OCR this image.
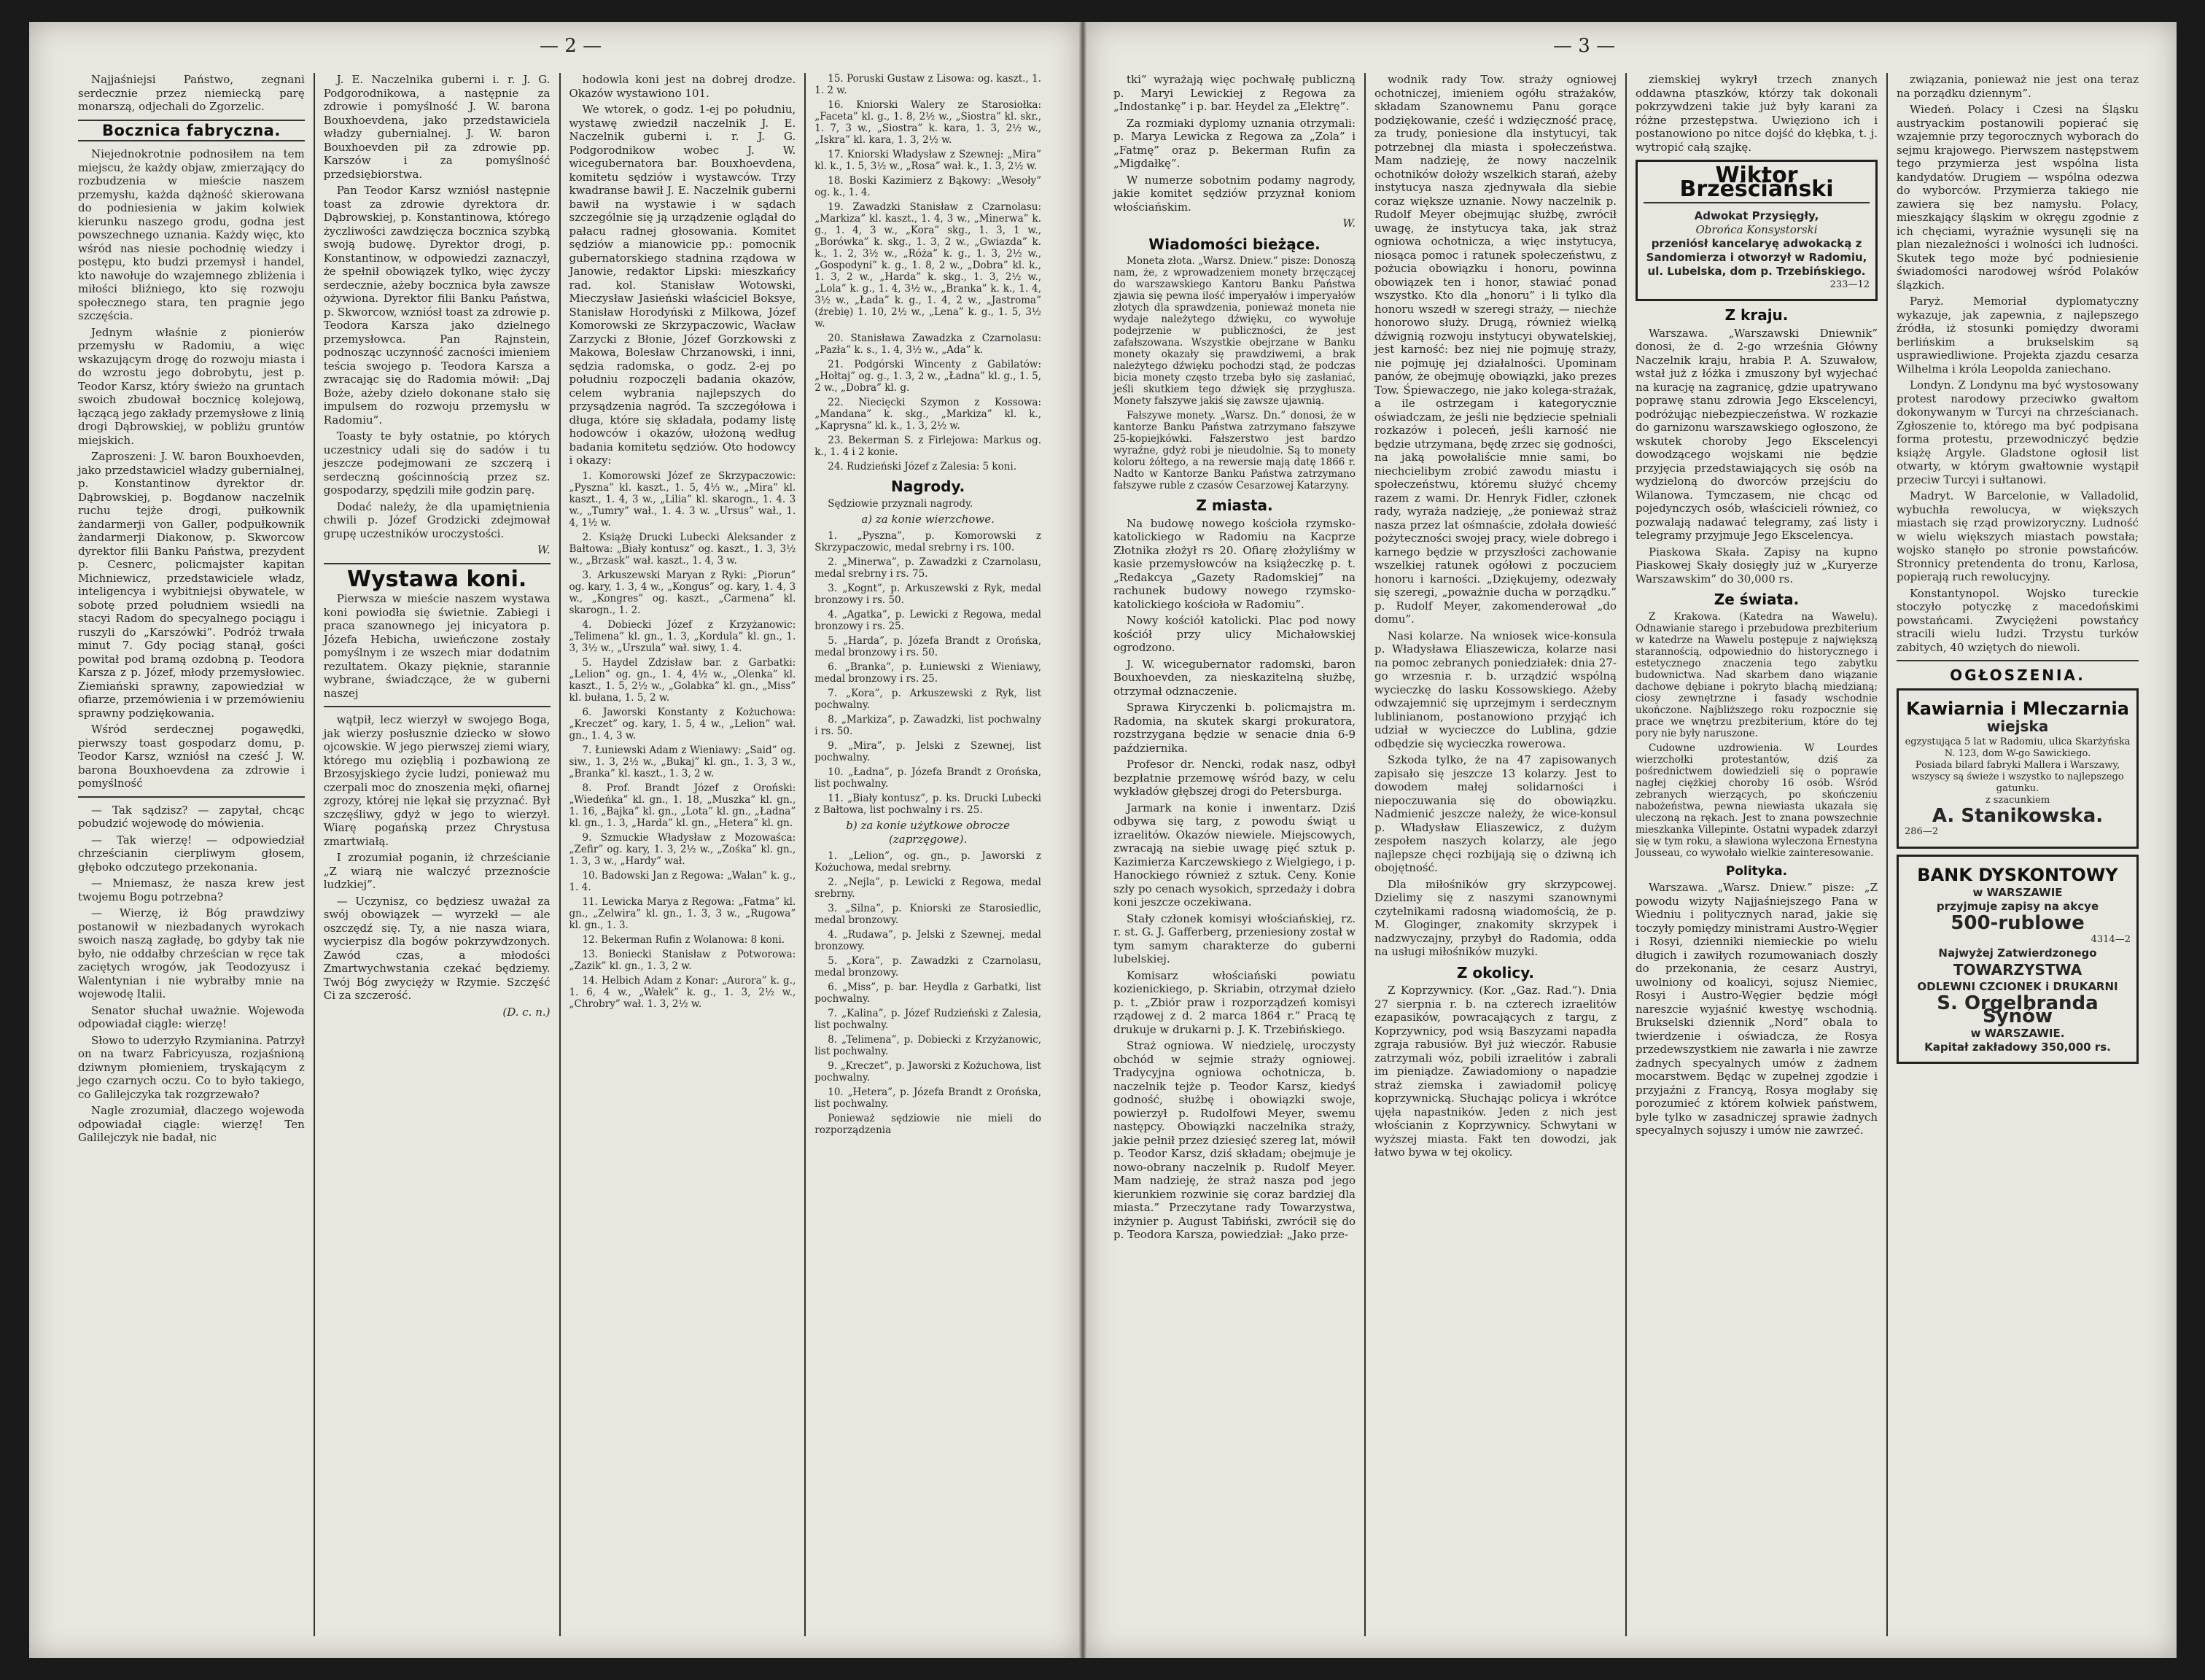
— 2 —

Najjaśniejsi Państwo, zegnani serdecznie przez niemiecką parę monarszą, odjechali do Zgorzelic.

Bocznica fabryczna.

Niejednokrotnie podnosiłem na tem miejscu, że każdy objaw, zmierzający do rozbudzenia w mieście naszem przemysłu, każda dążność skierowana do podniesienia w jakim kolwiek kierunku naszego grodu, godna jest powszechnego uznania. Każdy więc, kto wśród nas niesie pochodnię wiedzy i postępu, kto budzi przemysł i handel, kto nawołuje do wzajemnego zbliżenia i miłości bliźniego, kto się rozwoju społecznego stara, ten pragnie jego szczęścia.

Jednym właśnie z pionierów przemysłu w Radomiu, a więc wskazującym drogę do rozwoju miasta i do wzrostu jego dobrobytu, jest p. Teodor Karsz, który świeżo na gruntach swoich zbudował bocznicę kolejową, łączącą jego zakłady przemysłowe z linią drogi Dąbrowskiej, w pobliżu gruntów miejskich.

Zaproszeni: J. W. baron Bouxhoevden, jako przedstawiciel władzy gubernialnej, p. Konstantinow dyrektor dr. Dąbrowskiej, p. Bogdanow naczelnik ruchu tejże drogi, pułkownik żandarmerji von Galler, podpułkownik żandarmerji Diakonow, p. Skworcow dyrektor filii Banku Państwa, prezydent p. Cesnerc, policmajster kapitan Michniewicz, przedstawiciele władz, inteligencya i wybitniejsi obywatele, w sobotę przed południem wsiedli na stacyi Radom do specyalnego pociągu i ruszyli do „Karszówki”. Podróż trwała minut 7. Gdy pociąg stanął, gości powitał pod bramą ozdobną p. Teodora Karsza z p. Józef, młody przemysłowiec. Ziemiański sprawny, zapowiedział w ofiarze, przemówienia i w przemówieniu sprawny podziękowania.

Wśród serdecznej pogawędki, pierwszy toast gospodarz domu, p. Teodor Karsz, wzniósł na cześć J. W. barona Bouxhoevdena za zdrowie i pomyślność

— Tak sądzisz? — zapytał, chcąc pobudzić wojewodę do mówienia.

— Tak wierzę! — odpowiedział chrześcianin cierpliwym głosem, głęboko odczutego przekonania.

— Mniemasz, że nasza krew jest twojemu Bogu potrzebna?

— Wierzę, iż Bóg prawdziwy postanowił w niezbadanych wyrokach swoich naszą zagładę, bo gdyby tak nie było, nie oddałby chrześcian w ręce tak zaciętych wrogów, jak Teodozyusz i Walentynian i nie wybrałby mnie na wojewodę Italii.

Senator słuchał uważnie. Wojewoda odpowiadał ciągle: wierzę!

Słowo to uderzyło Rzymianina. Patrzył on na twarz Fabricyusza, rozjaśnioną dziwnym płomieniem, tryskającym z jego czarnych oczu. Co to było takiego, co Galilejczyka tak rozgrzewało?

Nagle zrozumiał, dlaczego wojewoda odpowiadał ciągle: wierzę! Ten Galilejczyk nie badał, nic

J. E. Naczelnika guberni i. r. J. G. Podgorodnikowa, a następnie za zdrowie i pomyślność J. W. barona Bouxhoevdena, jako przedstawiciela władzy gubernialnej. J. W. baron Bouxhoevden pił za zdrowie pp. Karszów i za pomyślność przedsiębiorstwa.

Pan Teodor Karsz wzniósł następnie toast za zdrowie dyrektora dr. Dąbrowskiej, p. Konstantinowa, którego życzliwości zawdzięcza bocznica szybką swoją budowę. Dyrektor drogi, p. Konstantinow, w odpowiedzi zaznaczył, że spełnił obowiązek tylko, więc życzy serdecznie, ażeby bocznica była zawsze ożywiona. Dyrektor filii Banku Państwa, p. Skworcow, wzniósł toast za zdrowie p. Teodora Karsza jako dzielnego przemysłowca. Pan Rajnstein, podnosząc uczynność zacności imieniem teścia swojego p. Teodora Karsza a zwracając się do Radomia mówił: „Daj Boże, ażeby dzieło dokonane stało się impulsem do rozwoju przemysłu w Radomiu”.

Toasty te były ostatnie, po których uczestnicy udali się do sadów i tu jeszcze podejmowani ze szczerą i serdeczną gościnnością przez sz. gospodarzy, spędzili miłe godzin parę.

Dodać należy, że dla upamiętnienia chwili p. Józef Grodzicki zdejmował grupę uczestników uroczystości.

W.
Wystawa koni.

Pierwsza w mieście naszem wystawa koni powiodła się świetnie. Zabiegi i praca szanownego jej inicyatora p. Józefa Hebicha, uwieńczone zostały pomyślnym i ze wszech miar dodatnim rezultatem. Okazy pięknie, starannie wybrane, świadczące, że w guberni naszej

wątpił, lecz wierzył w swojego Boga, jak wierzy posłusznie dziecko w słowo ojcowskie. W jego pierwszej ziemi wiary, którego mu ozięblią i pozbawioną ze Brzosyjskiego życie ludzi, ponieważ mu czerpali moc do znoszenia męki, ofiarnej zgrozy, której nie lękał się przyznać. Był szczęśliwy, gdyż w jego to wierzył. Wiarę pogańską przez Chrystusa zmartwiałą.

I zrozumiał poganin, iż chrześcianie „Z wiarą nie walczyć przeznoście ludzkiej”.

— Uczynisz, co będziesz uważał za swój obowiązek — wyrzekł — ale oszczędź się. Ty, a nie nasza wiara, wycierpisz dla bogów pokrzywdzonych. Zawód czas, a młodości Zmartwychwstania czekać będziemy. Twój Bóg zwycięży w Rzymie. Szczęść Ci za szczerość.

(D. c. n.)

hodowla koni jest na dobrej drodze. Okazów wystawiono 101.

We wtorek, o godz. 1-ej po południu, wystawę zwiedził naczelnik J. E. Naczelnik guberni i. r. J. G. Podgorodnikow wobec J. W. wicegubernatora bar. Bouxhoevdena, komitetu sędziów i wystawców. Trzy kwadranse bawił J. E. Naczelnik guberni bawił na wystawie i w sądach szczególnie się ją urządzenie oglądał do pałacu radnej głosowania. Komitet sędziów a mianowicie pp.: pomocnik gubernatorskiego stadnina rządowa w Janowie, redaktor Lipski: mieszkańcy rad. kol. Stanisław Wotowski, Mieczysław Jasieński właściciel Boksye, Stanisław Horodyński z Milkowa, Józef Komorowski ze Skrzypaczowic, Wacław Zarzycki z Błonie, Józef Gorzkowski z Makowa, Bolesław Chrzanowski, i inni, sędzia radomska, o godz. 2-ej po południu rozpoczęli badania okazów, celem wybrania najlepszych do przysądzenia nagród. Ta szczegółowa i długa, które się składała, podamy listę hodowców i okazów, ułożoną według badania komitetu sędziów. Oto hodowcy i okazy:

1. Komorowski Józef ze Skrzypaczowic: „Pyszna” kl. kaszt., 1. 5, 4⅓ w., „Mira” kl. kaszt., 1. 4, 3 w., „Lilia” kl. skarogn., 1. 4. 3 w., „Tumry” wał., 1. 4. 3 w. „Ursus” wał., 1. 4, 1½ w.

2. Książę Drucki Lubecki Aleksander z Bałtowa: „Biały kontusz” og. kaszt., 1. 3, 3½ w., „Brzask” wał. kaszt., 1. 4, 3 w.

3. Arkuszewski Maryan z Ryki: „Piorun” og. kary, 1. 3, 4 w., „Kongus” og. kary, 1. 4, 3 w., „Kongres” og. kaszt., „Carmena” kl. skarogn., 1. 2.

4. Dobiecki Józef z Krzyżanowic: „Telimena” kl. gn., 1. 3, „Kordula” kl. gn., 1. 3, 3½ w., „Urszula” wał. siwy, 1. 4.

5. Haydel Zdzisław bar. z Garbatki: „Lelion” og. gn., 1. 4, 4½ w., „Olenka” kl. kaszt., 1. 5, 2½ w., „Golabka” kl. gn., „Miss” kl. bułana, 1. 5, 2 w.

6. Jaworski Konstanty z Kożuchowa: „Kreczet” og. kary, 1. 5, 4 w., „Lelion” wał. gn., 1. 4, 3 w.

7. Łuniewski Adam z Wieniawy: „Said” og. siw., 1. 3, 2½ w., „Bukaj” kl. gn., 1. 3, 3 w., „Branka” kl. kaszt., 1. 3, 2 w.

8. Prof. Brandt Józef z Oroński: „Wiedeńka” kl. gn., 1. 18, „Muszka” kl. gn., 1. 16, „Bajka” kl. gn., „Lota” kl. gn., „Ładna” kl. gn., 1. 3, „Harda” kl. gn., „Hetera” kl. gn.

9. Szmuckie Władysław z Mozowaśca: „Zefir” og. kary, 1. 3, 2½ w., „Zośka” kl. gn., 1. 3, 3 w., „Hardy” wał.

10. Badowski Jan z Regowa: „Walan” k. g., 1. 4.

11. Lewicka Marya z Regowa: „Fatma” kl. gn., „Zelwira” kl. gn., 1. 3, 3 w., „Rugowa” kl. gn., 1. 3.

12. Bekerman Rufin z Wolanowa: 8 koni.

13. Boniecki Stanisław z Potworowa: „Zazik” kl. gn., 1. 3, 2 w.

14. Helbich Adam z Konar: „Aurora” k. g., 1. 6, 4 w., „Wałek” k. g., 1. 3, 2½ w., „Chrobry” wał. 1. 3, 2½ w.

15. Poruski Gustaw z Lisowa: og. kaszt., 1. 1. 2 w.

16. Kniorski Walery ze Starosiołka: „Faceta” kl. g., 1. 8, 2½ w., „Siostra” kl. skr., 1. 7, 3 w., „Siostra” k. kara, 1. 3, 2½ w., „Iskra” kl. kara, 1. 3, 2½ w.

17. Kniorski Władysław z Szewnej: „Mira” kl. k., 1. 5, 3½ w., „Rosa” wał. k., 1. 3, 2½ w.

18. Boski Kazimierz z Bąkowy: „Wesoły” og. k., 1. 4.

19. Zawadzki Stanisław z Czarnolasu: „Markiza” kl. kaszt., 1. 4, 3 w., „Minerwa” k. g., 1. 4, 3 w., „Kora” skg., 1. 3, 1 w., „Borówka” k. skg., 1. 3, 2 w., „Gwiazda” k. k., 1. 2, 3½ w., „Róża” k. g., 1. 3, 2½ w., „Gospodyni” k. g., 1. 8, 2 w., „Dobra” kl. k., 1. 3, 2 w., „Harda” k. skg., 1. 3, 2½ w., „Lola” k. g., 1. 4, 3½ w., „Branka” k. k., 1. 4, 3½ w., „Łada” k. g., 1. 4, 2 w., „Jastroma” (źrebię) 1. 10, 2½ w., „Lena” k. g., 1. 5, 3½ w.

20. Stanisława Zawadzka z Czarnolasu: „Pazła” k. s., 1. 4, 3½ w., „Ada” k.

21. Podgórski Wincenty z Gabilatów: „Hołtaj” og. g., 1. 3, 2 w., „Ładna” kl. g., 1. 5, 2 w., „Dobra” kl. g.

22. Niecięcki Szymon z Kossowa: „Mandana” k. skg., „Markiza” kl. k., „Kaprysna” kl. k., 1. 3, 2½ w.

23. Bekerman S. z Firlejowa: Markus og. k., 1. 4 i 2 konie.

24. Rudzieński Józef z Zalesia: 5 koni.

Nagrody.

Sędziowie przyznali nagrody.

a) za konie wierzchowe.

1. „Pyszna”, p. Komorowski z Skrzypaczowic, medal srebrny i rs. 100.

2. „Minerwa”, p. Zawadzki z Czarnolasu, medal srebrny i rs. 75.

3. „Kognt”, p. Arkuszewski z Ryk, medal bronzowy i rs. 50.

4. „Agatka”, p. Lewicki z Regowa, medal bronzowy i rs. 25.

5. „Harda”, p. Józefa Brandt z Orońska, medal bronzowy i rs. 50.

6. „Branka”, p. Łuniewski z Wieniawy, medal bronzowy i rs. 25.

7. „Kora”, p. Arkuszewski z Ryk, list pochwalny.

8. „Markiza”, p. Zawadzki, list pochwalny i rs. 50.

9. „Mira”, p. Jelski z Szewnej, list pochwalny.

10. „Ładna”, p. Józefa Brandt z Orońska, list pochwalny.

11. „Biały kontusz”, p. ks. Drucki Lubecki z Bałtowa, list pochwalny i rs. 25.

b) za konie użytkowe obrocze (zaprzęgowe).

1. „Lelion”, og. gn., p. Jaworski z Kożuchowa, medal srebrny.

2. „Nejla”, p. Lewicki z Regowa, medal srebrny.

3. „Silna”, p. Kniorski ze Starosiedlic, medal bronzowy.

4. „Rudawa”, p. Jelski z Szewnej, medal bronzowy.

5. „Kora”, p. Zawadzki z Czarnolasu, medal bronzowy.

6. „Miss”, p. bar. Heydla z Garbatki, list pochwalny.

7. „Kalina”, p. Józef Rudzieński z Zalesia, list pochwalny.

8. „Telimena”, p. Dobiecki z Krzyżanowic, list pochwalny.

9. „Kreczet”, p. Jaworski z Kożuchowa, list pochwalny.

10. „Hetera”, p. Józefa Brandt z Orońska, list pochwalny.

Ponieważ sędziowie nie mieli do rozporządzenia

— 3 —

tki” wyrażają więc pochwałę publiczną p. Maryi Lewickiej z Regowa za „Indostankę” i p. bar. Heydel za „Elektrę”.

Za rozmiaki dyplomy uznania otrzymali: p. Marya Lewicka z Regowa za „Zola” i „Fatmę” oraz p. Bekerman Rufin za „Migdałkę”.

W numerze sobotnim podamy nagrody, jakie komitet sędziów przyznał koniom włościańskim.

W.
Wiadomości bieżące.

Moneta złota. „Warsz. Dniew.” pisze: Donoszą nam, że, z wprowadzeniem monety brzęczącej do warszawskiego Kantoru Banku Państwa zjawia się pewna ilość imperyałów i imperyałów złotych dla sprawdzenia, ponieważ moneta nie wydaje należytego dźwięku, co wywołuje podejrzenie w publiczności, że jest zafałszowana. Wszystkie obejrzane w Banku monety okazały się prawdziwemi, a brak należytego dźwięku pochodzi stąd, że podczas bicia monety często trzeba było się zasłaniać, jeśli skutkiem tego dźwięk się przygłusza. Monety fałszywe jakiś się zawsze ujawnią.

Fałszywe monety. „Warsz. Dn.” donosi, że w kantorze Banku Państwa zatrzymano fałszywe 25-kopiejkówki. Fałszerstwo jest bardzo wyraźne, gdyż robi je nieudolnie. Są to monety koloru żółtego, a na rewersie mają datę 1866 r. Nadto w Kantorze Banku Państwa zatrzymano fałszywe ruble z czasów Cesarzowej Katarzyny.

Z miasta.

Na budowę nowego kościoła rzymsko-katolickiego w Radomiu na Kacprze Złotnika złożył rs 20. Ofiarę złożyliśmy w kasie przemysłowców na książeczkę p. t. „Redakcya „Gazety Radomskiej” na rachunek budowy nowego rzymsko-katolickiego kościoła w Radomiu”.

Nowy kościół katolicki. Plac pod nowy kościół przy ulicy Michałowskiej ogrodzono.

J. W. wicegubernator radomski, baron Bouxhoevden, za nieskazitelną służbę, otrzymał odznaczenie.

Sprawa Kiryczenki b. policmajstra m. Radomia, na skutek skargi prokuratora, rozstrzygana będzie w senacie dnia 6-9 października.

Profesor dr. Nencki, rodak nasz, odbył bezpłatnie przemowę wśród bazy, w celu wykładów głębszej drogi do Petersburga.

Jarmark na konie i inwentarz. Dziś odbywa się targ, z powodu świąt u izraelitów. Okazów niewiele. Miejscowych, zwracają na siebie uwagę pięć sztuk p. Kazimierza Karczewskiego z Wielgiego, i p. Hanockiego również z sztuk. Ceny. Konie szły po cenach wysokich, sprzedaży i dobra koni jeszcze oczekiwana.

Stały członek komisyi włościańskiej, rz. r. st. G. J. Gafferberg, przeniesiony został w tym samym charakterze do guberni lubelskiej.

Komisarz włościański powiatu kozienickiego, p. Skriabin, otrzymał dzieło p. t. „Zbiór praw i rozporządzeń komisyi rządowej z d. 2 marca 1864 r.” Pracą tę drukuje w drukarni p. J. K. Trzebińskiego.

Straż ogniowa. W niedzielę, uroczysty obchód w sejmie straży ogniowej. Tradycyjna ogniowa ochotnicza, b. naczelnik tejże p. Teodor Karsz, kiedyś godność, służbę i obowiązki swoje, powierzył p. Rudolfowi Meyer, swemu następcy. Obowiązki naczelnika straży, jakie pełnił przez dziesięć szereg lat, mówił p. Teodor Karsz, dziś składam; obejmuje je nowo-obrany naczelnik p. Rudolf Meyer. Mam nadzieję, że straż nasza pod jego kierunkiem rozwinie się coraz bardziej dla miasta.” Przeczytane rady Towarzystwa, inżynier p. August Tabiński, zwrócił się do p. Teodora Karsza, powiedział: „Jako prze-

wodnik rady Tow. straży ogniowej ochotniczej, imieniem ogółu strażaków, składam Szanownemu Panu gorące podziękowanie, cześć i wdzięczność pracę, za trudy, poniesione dla instytucyi, tak potrzebnej dla miasta i społeczeństwa. Mam nadzieję, że nowy naczelnik ochotników dołoży wszelkich starań, ażeby instytucya nasza zjednywała dla siebie coraz większe uznanie. Nowy naczelnik p. Rudolf Meyer obejmując służbę, zwrócił uwagę, że instytucya taka, jak straż ogniowa ochotnicza, a więc instytucya, niosąca pomoc i ratunek społeczeństwu, z pożucia obowiązku i honoru, powinna obowiązek ten i honor, stawiać ponad wszystko. Kto dla „honoru” i li tylko dla honoru wszedł w szeregi straży, — niechże honorowo służy. Drugą, również wielką dźwignią rozwoju instytucyi obywatelskiej, jest karność: bez niej nie pojmuję straży, nie pojmuję jej działalności. Upominam panów, że obejmuję obowiązki, jako prezes Tow. Śpiewaczego, nie jako kolega-strażak, a ile ostrzegam i kategorycznie oświadczam, że jeśli nie będziecie spełniali rozkazów i poleceń, jeśli karność nie będzie utrzymana, będę zrzec się godności, na jaką powołaliście mnie sami, bo niechcielibym zrobić zawodu miastu i społeczeństwu, któremu służyć chcemy razem z wami. Dr. Henryk Fidler, członek rady, wyraża nadzieję, „że ponieważ straż nasza przez lat ośmnaście, zdołała dowieść pożyteczności swojej pracy, wiele dobrego i karnego będzie w przyszłości zachowanie wszelkiej ratunek ogółowi z poczuciem honoru i karności. „Dziękujemy, odezwały się szeregi, „poważnie ducha w porządku.” p. Rudolf Meyer, zakomenderował „do domu”.

Nasi kolarze. Na wniosek wice-konsula p. Władysława Eliaszewicza, kolarze nasi na pomoc zebranych poniedziałek: dnia 27-go wrzesnia r. b. urządzić wspólną wycieczkę do lasku Kossowskiego. Ażeby odwzajemnić się uprzejmym i serdecznym lublinianom, postanowiono przyjąć ich udział w wycieczce do Lublina, gdzie odbędzie się wycieczka rowerowa.

Szkoda tylko, że na 47 zapisowanych zapisało się jeszcze 13 kolarzy. Jest to dowodem małej solidarności i niepoczuwania się do obowiązku. Nadmienić jeszcze należy, że wice-konsul p. Władysław Eliaszewicz, z dużym zespołem naszych kolarzy, ale jego najlepsze chęci rozbijają się o dziwną ich obojętność.

Dla miłośników gry skrzypcowej. Dzielimy się z naszymi szanownymi czytelnikami radosną wiadomością, że p. M. Gloginger, znakomity skrzypek i nadzwyczajny, przybył do Radomia, odda na usługi miłośników muzyki.

Z okolicy.

Z Koprzywnicy. (Kor. „Gaz. Rad.”). Dnia 27 sierpnia r. b. na czterech izraelitów ezapasików, powracających z targu, z Koprzywnicy, pod wsią Baszyzami napadła zgraja rabusiów. Był już wieczór. Rabusie zatrzymali wóz, pobili izraelitów i zabrali im pieniądze. Zawiadomiony o napadzie straż ziemska i zawiadomił policyę koprzywnicką. Słuchając policya i wkrótce ujęła napastników. Jeden z nich jest włościanin z Koprzywnicy. Schwytani w wyższej miasta. Fakt ten dowodzi, jak łatwo bywa w tej okolicy.

ziemskiej wykrył trzech znanych oddawna ptaszków, którzy tak dokonali pokrzywdzeni takie już były karani za różne przestępstwa. Uwięziono ich i postanowiono po nitce dojść do kłębka, t. j. wytropić całą szajkę.

Wiktor Brześciański
Adwokat Przysięgły,
Obrońca Konsystorski
przeniósł kancelaryę adwokacką z Sandomierza i otworzył w Radomiu, ul. Lubelska, dom p. Trzebińskiego.
233—12
Z kraju.

Warszawa. „Warszawski Dniewnik” donosi, że d. 2-go września Główny Naczelnik kraju, hrabia P. A. Szuwałow, wstał już z łóżka i zmuszony był wyjechać na kurację na zagranicę, gdzie upatrywano poprawę stanu zdrowia Jego Ekscelencyi, podróżując niebezpieczeństwa. W rozkazie do garnizonu warszawskiego ogłoszono, że wskutek choroby Jego Ekscelencyi dowodzącego wojskami nie będzie przyjęcia przedstawiających się osób na wydzieloną do dworców przejściu do Wilanowa. Tymczasem, nie chcąc od pojedynczych osób, właścicieli również, co pozwalają nadawać telegramy, zaś listy i telegramy przyjmuje Jego Ekscelencya.

Piaskowa Skała. Zapisy na kupno Piaskowej Skały dosięgły już w „Kuryerze Warszawskim” do 30,000 rs.

Ze świata.

Z Krakowa. (Katedra na Wawelu). Odnawianie starego i przebudowa prezbiterium w katedrze na Wawelu postępuje z największą starannością, odpowiednio do historycznego i estetycznego znaczenia tego zabytku budownictwa. Nad skarbem dano wiązanie dachowe dębiane i pokryto blachą miedzianą; ciosy zewnętrzne i fasady wschodnie ukończone. Najbliższego roku rozpocznie się prace we wnętrzu prezbiterium, które do tej pory nie były naruszone.

Cudowne uzdrowienia. W Lourdes wierzchołki protestantów, dziś za pośrednictwem dowiedzieli się o poprawie nagłej ciężkiej choroby 16 osób. Wśród zebranych wierzących, po skończeniu nabożeństwa, pewna niewiasta ukazała się uleczoną na rękach. Jest to znana powszechnie mieszkanka Villepinte. Ostatni wypadek zdarzył się w tym roku, a sławiona wyleczona Ernestyna Jousseau, co wywołało wielkie zainteresowanie.

Polityka.

Warszawa. „Warsz. Dniew.” pisze: „Z powodu wizyty Najjaśniejszego Pana w Wiedniu i politycznych narad, jakie się toczyły pomiędzy ministrami Austro-Węgier i Rosyi, dzienniki niemieckie po wielu długich i zawiłych rozumowaniach doszły do przekonania, że cesarz Austryi, uwolniony od koalicyi, sojusz Niemiec, Rosyi i Austro-Węgier będzie mógł nareszcie wyjaśnić kwestyę wschodnią. Brukselski dziennik „Nord” obala to twierdzenie i oświadcza, że Rosya przedewszystkiem nie zawarła i nie zawrze żadnych specyalnych umów z żadnem mocarstwem. Będąc w zupełnej zgodzie i przyjaźni z Francyą, Rosya mogłaby się porozumieć z którem kolwiek państwem, byle tylko w zasadniczej sprawie żadnych specyalnych sojuszy i umów nie zawrzeć.

związania, ponieważ nie jest ona teraz na porządku dziennym”.

Wiedeń. Polacy i Czesi na Śląsku austryackim postanowili popierać się wzajemnie przy tegorocznych wyborach do sejmu krajowego. Pierwszem następstwem tego przymierza jest wspólna lista kandydatów. Drugiem — wspólna odezwa do wyborców. Przymierza takiego nie zawiera się bez namysłu. Polacy, mieszkający śląskim w okręgu zgodnie z ich chęciami, wyraźnie wysunęli się na plan niezależności i wolności ich ludności. Skutek tego może być podniesienie świadomości narodowej wśród Polaków ślązkich.

Paryż. Memoriał dyplomatyczny wykazuje, jak zapewnia, z najlepszego źródła, iż stosunki pomiędzy dworami berlińskim a brukselskim są usprawiedliwione. Projekta zjazdu cesarza Wilhelma i króla Leopolda zaniechano.

Londyn. Z Londynu ma być wystosowany protest narodowy przeciwko gwałtom dokonywanym w Turcyi na chrześcianach. Zgłoszenie to, którego ma być podpisana forma protestu, przewodniczyć będzie książę Argyle. Gladstone ogłosił list otwarty, w którym gwałtownie wystąpił przeciw Turcyi i sułtanowi.

Madryt. W Barcelonie, w Valladolid, wybuchła rewolucya, w większych miastach się rząd prowizoryczny. Ludność w wielu większych miastach powstała; wojsko stanęło po stronie powstańców. Stronnicy pretendenta do tronu, Karlosa, popierają ruch rewolucyjny.

Konstantynopol. Wojsko tureckie stoczyło potyczkę z macedońskimi powstańcami. Zwyciężeni powstańcy stracili wielu ludzi. Trzystu turków zabitych, 40 wziętych do niewoli.

OGŁOSZENIA.
Kawiarnia i Mleczarnia
wiejska
egzystująca 5 lat w Radomiu, ulica Skarżyńska N. 123, dom W-go Sawickiego.
Posiada bilard fabryki Mallera i Warszawy, wszyscy są świeże i wszystko to najlepszego gatunku.
z szacunkiem
A. Stanikowska.
286—2
BANK DYSKONTOWY
w WARSZAWIE
przyjmuje zapisy na akcye
500-rublowe
4314—2
Najwyżej Zatwierdzonego
TOWARZYSTWA
ODLEWNI CZCIONEK i DRUKARNI
S. Orgelbranda Synów
w WARSZAWIE.
Kapitał zakładowy 350,000 rs.
